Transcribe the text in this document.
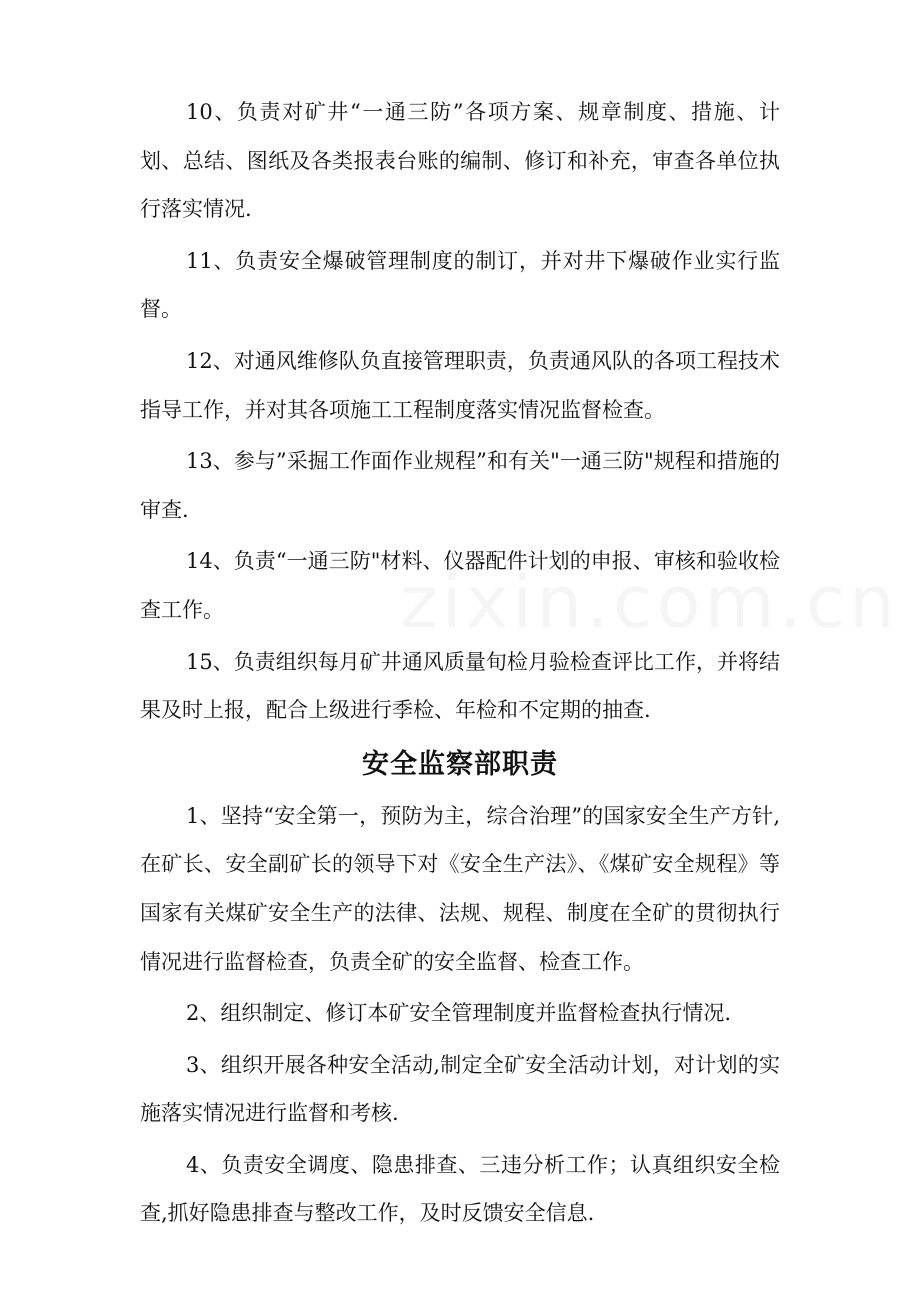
10、负责对矿井“一通三防”各项方案、规章制度、措施、计划、总结、图纸及各类报表台账的编制、修订和补充，审查各单位执行落实情况.

11、负责安全爆破管理制度的制订，并对井下爆破作业实行监督。

12、对通风维修队负直接管理职责，负责通风队的各项工程技术指导工作，并对其各项施工工程制度落实情况监督检查。

13、参与”采掘工作面作业规程”和有关"一通三防"规程和措施的审查.

14、负责“一通三防"材料、仪器配件计划的申报、审核和验收检查工作。

15、负责组织每月矿井通风质量旬检月验检查评比工作，并将结果及时上报，配合上级进行季检、年检和不定期的抽查.

安全监察部职责

1、坚持“安全第一，预防为主，综合治理”的国家安全生产方针,在矿长、安全副矿长的领导下对《安全生产法》、《煤矿安全规程》等国家有关煤矿安全生产的法律、法规、规程、制度在全矿的贯彻执行情况进行监督检查，负责全矿的安全监督、检查工作。

2、组织制定、修订本矿安全管理制度并监督检查执行情况.

3、组织开展各种安全活动,制定全矿安全活动计划，对计划的实施落实情况进行监督和考核.

4、负责安全调度、隐患排查、三违分析工作；认真组织安全检查,抓好隐患排查与整改工作，及时反馈安全信息.
